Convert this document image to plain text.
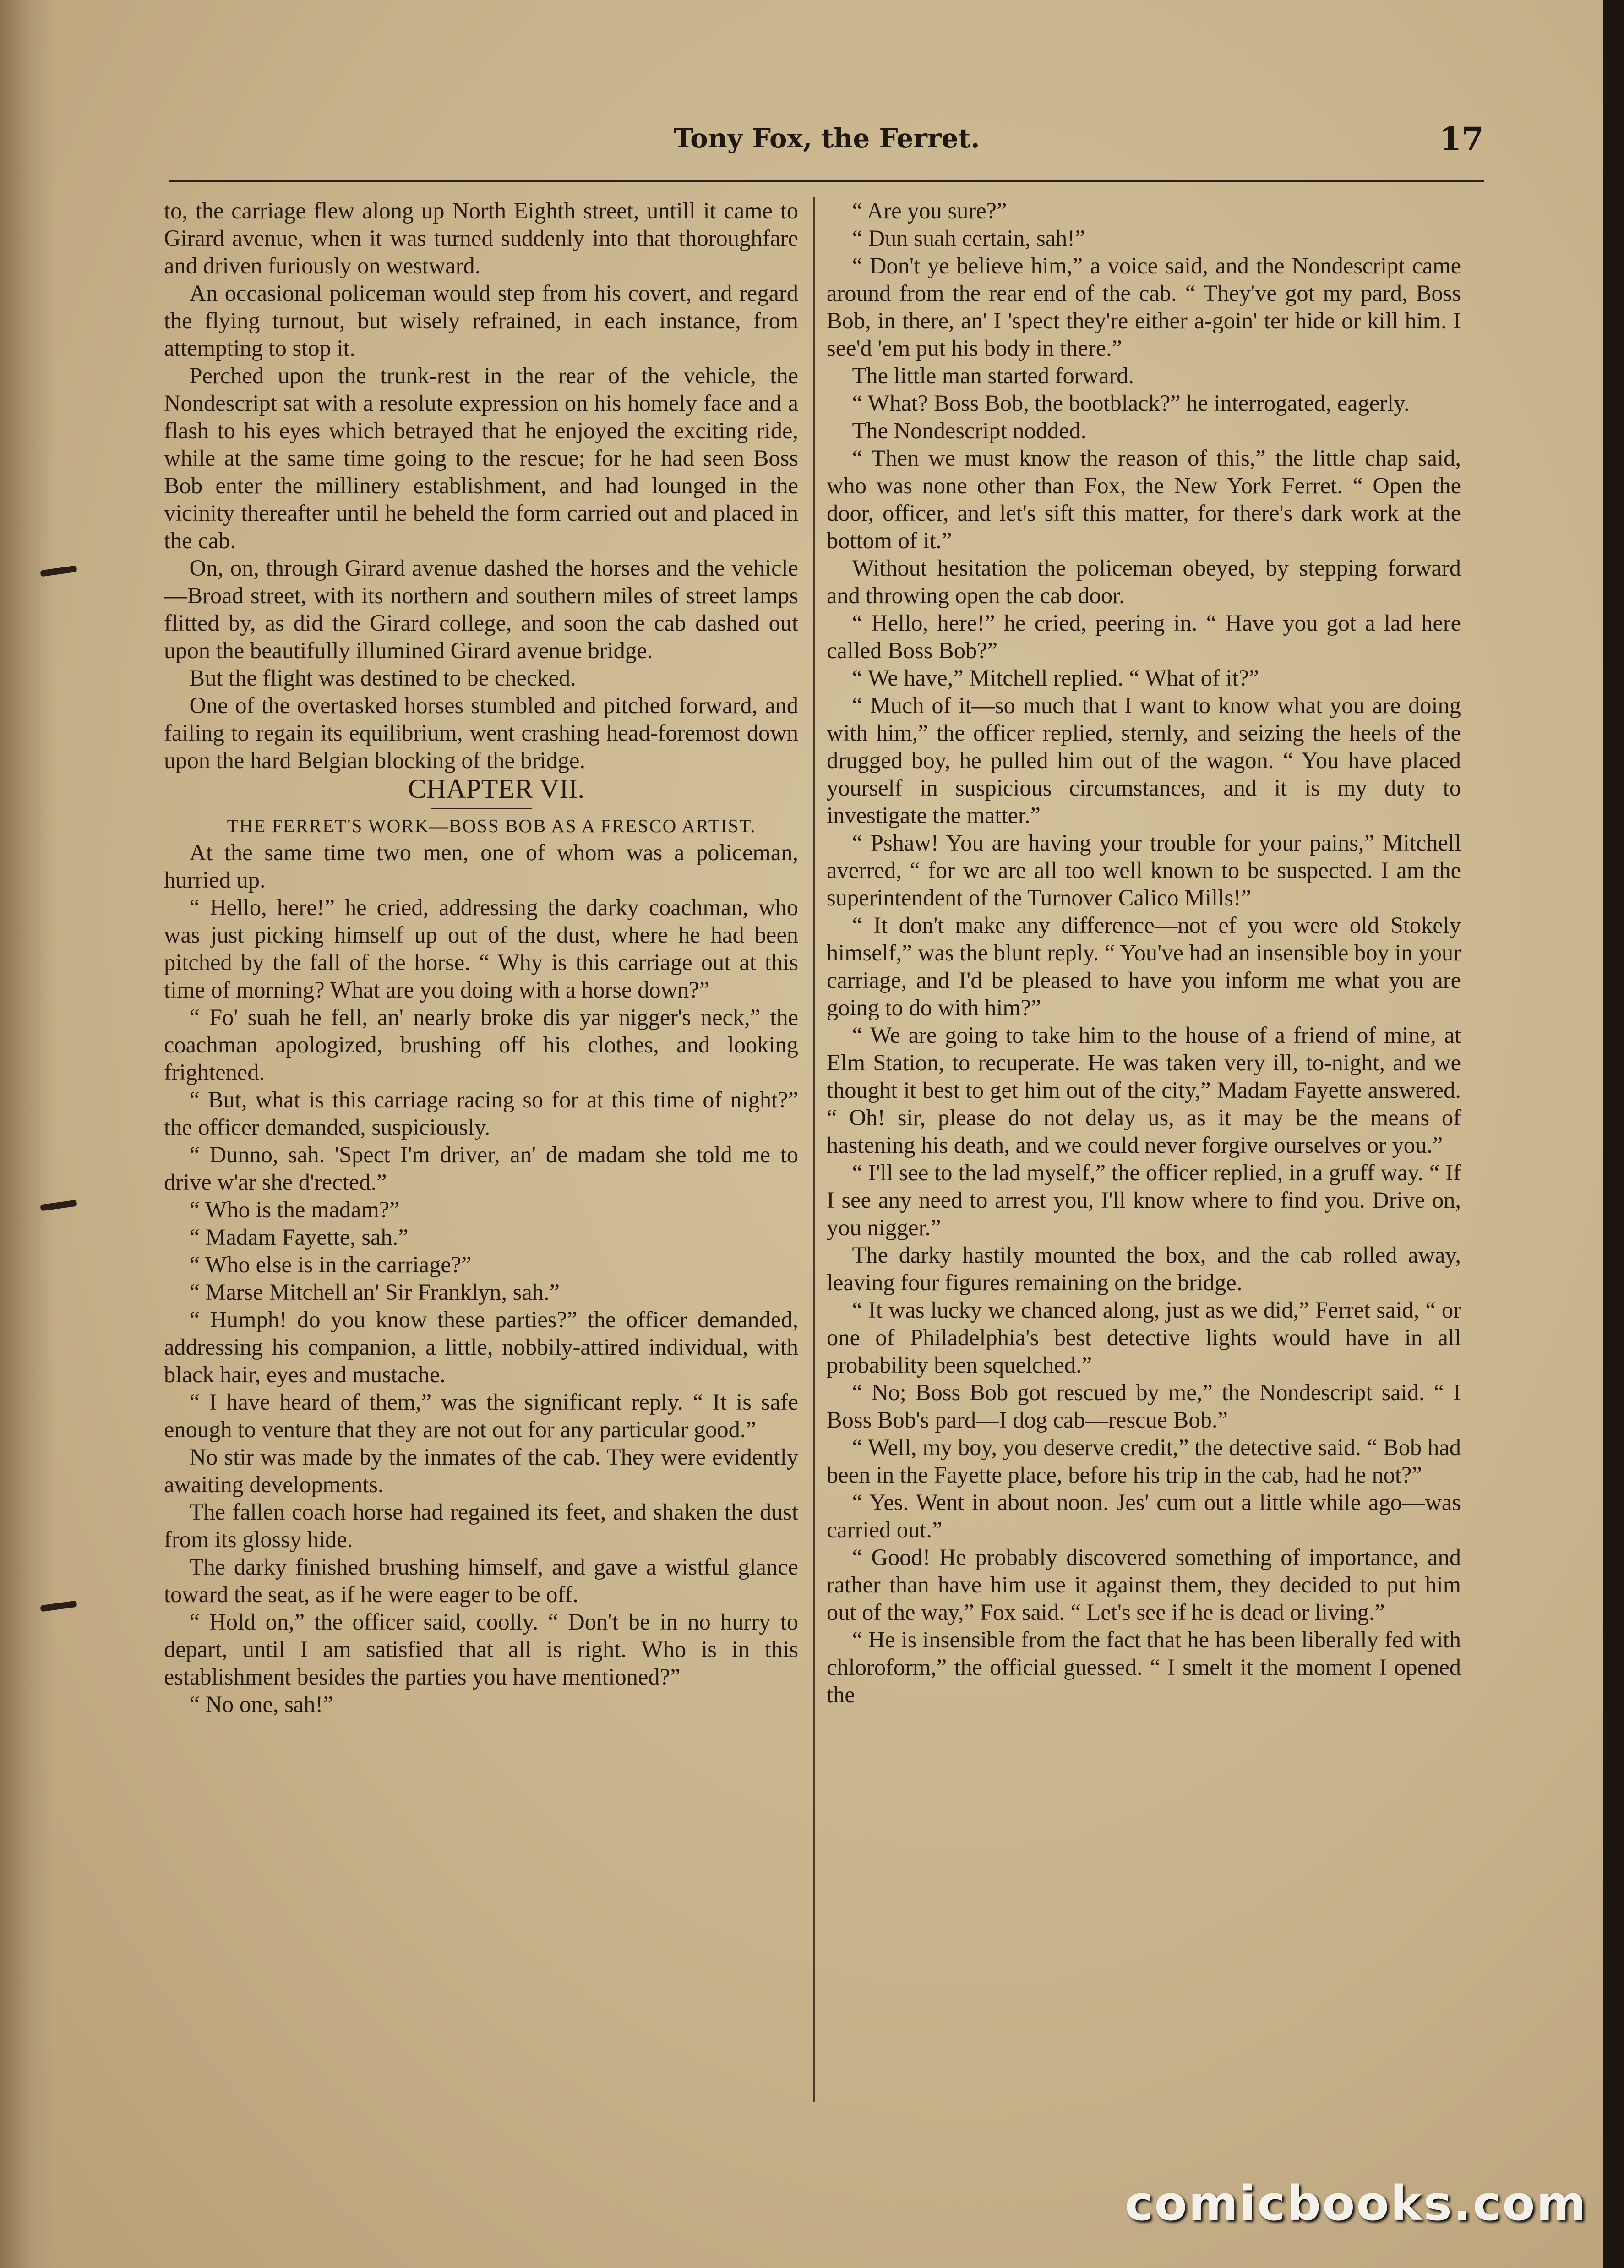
Tony Fox, the Ferret.	17

to, the carriage flew along up North Eighth street, untill it came to Girard avenue, when it was turned suddenly into that thoroughfare and driven furiously on westward.

An occasional policeman would step from his covert, and regard the flying turnout, but wisely refrained, in each instance, from attempting to stop it.

Perched upon the trunk-rest in the rear of the vehicle, the Nondescript sat with a resolute expression on his homely face and a flash to his eyes which betrayed that he enjoyed the exciting ride, while at the same time going to the rescue; for he had seen Boss Bob enter the millinery establishment, and had lounged in the vicinity thereafter until he beheld the form carried out and placed in the cab.

On, on, through Girard avenue dashed the horses and the vehicle—Broad street, with its northern and southern miles of street lamps flitted by, as did the Girard college, and soon the cab dashed out upon the beautifully illumined Girard avenue bridge.

But the flight was destined to be checked.

One of the overtasked horses stumbled and pitched forward, and failing to regain its equilibrium, went crashing head-foremost down upon the hard Belgian blocking of the bridge.

CHAPTER VII.

THE FERRET'S WORK—BOSS BOB AS A FRESCO ARTIST.

At the same time two men, one of whom was a policeman, hurried up.

“ Hello, here!” he cried, addressing the darky coachman, who was just picking himself up out of the dust, where he had been pitched by the fall of the horse. “ Why is this carriage out at this time of morning? What are you doing with a horse down?”

“ Fo' suah he fell, an' nearly broke dis yar nigger's neck,” the coachman apologized, brushing off his clothes, and looking frightened.

“ But, what is this carriage racing so for at this time of night?” the officer demanded, suspiciously.

“ Dunno, sah. 'Spect I'm driver, an' de madam she told me to drive w'ar she d'rected.”

“ Who is the madam?”

“ Madam Fayette, sah.”

“ Who else is in the carriage?”

“ Marse Mitchell an' Sir Franklyn, sah.”

“ Humph! do you know these parties?” the officer demanded, addressing his companion, a little, nobbily-attired individual, with black hair, eyes and mustache.

“ I have heard of them,” was the significant reply. “ It is safe enough to venture that they are not out for any particular good.”

No stir was made by the inmates of the cab. They were evidently awaiting developments.

The fallen coach horse had regained its feet, and shaken the dust from its glossy hide.

The darky finished brushing himself, and gave a wistful glance toward the seat, as if he were eager to be off.

“ Hold on,” the officer said, coolly. “ Don't be in no hurry to depart, until I am satisfied that all is right. Who is in this establishment besides the parties you have mentioned?”

“ No one, sah!”

“ Are you sure?”

“ Dun suah certain, sah!”

“ Don't ye believe him,” a voice said, and the Nondescript came around from the rear end of the cab. “ They've got my pard, Boss Bob, in there, an' I 'spect they're either a-goin' ter hide or kill him. I see'd 'em put his body in there.”

The little man started forward.

“ What? Boss Bob, the bootblack?” he interrogated, eagerly.

The Nondescript nodded.

“ Then we must know the reason of this,” the little chap said, who was none other than Fox, the New York Ferret. “ Open the door, officer, and let's sift this matter, for there's dark work at the bottom of it.”

Without hesitation the policeman obeyed, by stepping forward and throwing open the cab door.

“ Hello, here!” he cried, peering in. “ Have you got a lad here called Boss Bob?”

“ We have,” Mitchell replied. “ What of it?”

“ Much of it—so much that I want to know what you are doing with him,” the officer replied, sternly, and seizing the heels of the drugged boy, he pulled him out of the wagon. “ You have placed yourself in suspicious circumstances, and it is my duty to investigate the matter.”

“ Pshaw! You are having your trouble for your pains,” Mitchell averred, “ for we are all too well known to be suspected. I am the superintendent of the Turnover Calico Mills!”

“ It don't make any difference—not ef you were old Stokely himself,” was the blunt reply. “ You've had an insensible boy in your carriage, and I'd be pleased to have you inform me what you are going to do with him?”

“ We are going to take him to the house of a friend of mine, at Elm Station, to recuperate. He was taken very ill, to-night, and we thought it best to get him out of the city,” Madam Fayette answered. “ Oh! sir, please do not delay us, as it may be the means of hastening his death, and we could never forgive ourselves or you.”

“ I'll see to the lad myself,” the officer replied, in a gruff way. “ If I see any need to arrest you, I'll know where to find you. Drive on, you nigger.”

The darky hastily mounted the box, and the cab rolled away, leaving four figures remaining on the bridge.

“ It was lucky we chanced along, just as we did,” Ferret said, “ or one of Philadelphia's best detective lights would have in all probability been squelched.”

“ No; Boss Bob got rescued by me,” the Nondescript said. “ I Boss Bob's pard—I dog cab—rescue Bob.”

“ Well, my boy, you deserve credit,” the detective said. “ Bob had been in the Fayette place, before his trip in the cab, had he not?”

“ Yes. Went in about noon. Jes' cum out a little while ago—was carried out.”

“ Good! He probably discovered something of importance, and rather than have him use it against them, they decided to put him out of the way,” Fox said. “ Let's see if he is dead or living.”

“ He is insensible from the fact that he has been liberally fed with chloroform,” the official guessed. “ I smelt it the moment I opened the

comicbooks.com
